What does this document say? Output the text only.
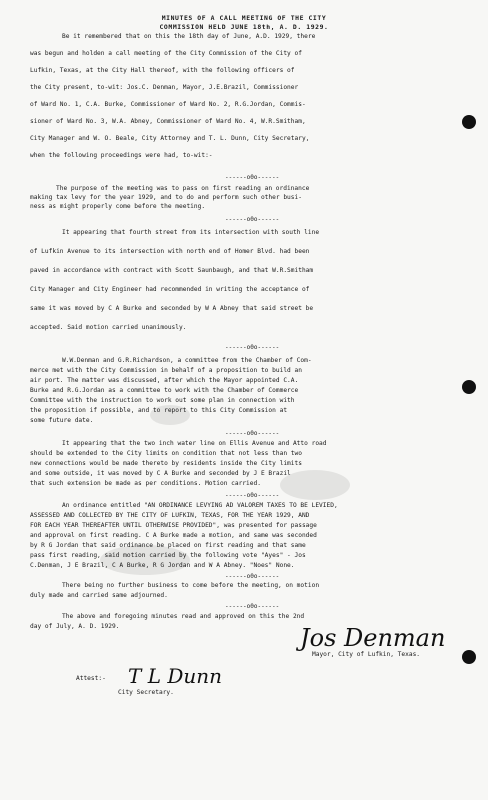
MINUTES OF A CALL MEETING OF THE CITY
COMMISSION HELD JUNE 18th, A. D. 1929.
Be it remembered that on this the 18th day of June, A.D. 1929, there
was begun and holden a call meeting of the City Commission of the City of
Lufkin, Texas, at the City Hall thereof, with the following officers of
the City present, to-wit: Jos.C. Denman, Mayor, J.E.Brazil, Commissioner
of Ward No. 1, C.A. Burke, Commissioner of Ward No. 2, R.G.Jordan, Commis-
sioner of Ward No. 3, W.A. Abney, Commissioner of Ward No. 4, W.R.Smitham,
City Manager and W. O. Beale, City Attorney and T. L. Dunn, City Secretary,
when the following proceedings were had, to-wit:-
------o0o------
The purpose of the meeting was to pass on first reading an ordinance
making tax levy for the year 1929, and to do and perform such other busi-
ness as might properly come before the meeting.
------o0o------
It appearing that fourth street from its intersection with south line
of Lufkin Avenue to its intersection with north end of Homer Blvd. had been
paved in accordance with contract with Scott Saunbaugh, and that W.R.Smitham
City Manager and City Engineer had recommended in writing the acceptance of
same it was moved by C A Burke and seconded by W A Abney that said street be
accepted. Said motion carried unanimously.
------o0o------
W.W.Denman and G.R.Richardson, a committee from the Chamber of Com-
merce met with the City Commission in behalf of a proposition to build an
air port. The matter was discussed, after which the Mayor appointed C.A.
Burke and R.G.Jordan as a committee to work with the Chamber of Commerce
Committee with the instruction to work out some plan in connection with
the proposition if possible, and to report to this City Commission at
some future date.
------o0o------
It appearing that the two inch water line on Ellis Avenue and Atto road
should be extended to the City limits on condition that not less than two
new connections would be made thereto by residents inside the City limits
and some outside, it was moved by C A Burke and seconded by J E Brazil
that such extension be made as per conditions. Motion carried.
------o0o------
An ordinance entitled "AN ORDINANCE LEVYING AD VALOREM TAXES TO BE LEVIED,
ASSESSED AND COLLECTED BY THE CITY OF LUFKIN, TEXAS, FOR THE YEAR 1929, AND
FOR EACH YEAR THEREAFTER UNTIL OTHERWISE PROVIDED", was presented for passage
and approval on first reading. C A Burke made a motion, and same was seconded
by R G Jordan that said ordinance be placed on first reading and that same
pass first reading, said motion carried by the following vote "Ayes" - Jos
C.Denman, J E Brazil, C A Burke, R G Jordan and W A Abney. "Noes" None.
------o0o------
There being no further business to come before the meeting, on motion
duly made and carried same adjourned.
------o0o------
The above and foregoing minutes read and approved on this the 2nd
day of July, A. D. 1929.	Jos Denman
Mayor, City of Lufkin, Texas.
Attest:- T L Dunn
City Secretary.
